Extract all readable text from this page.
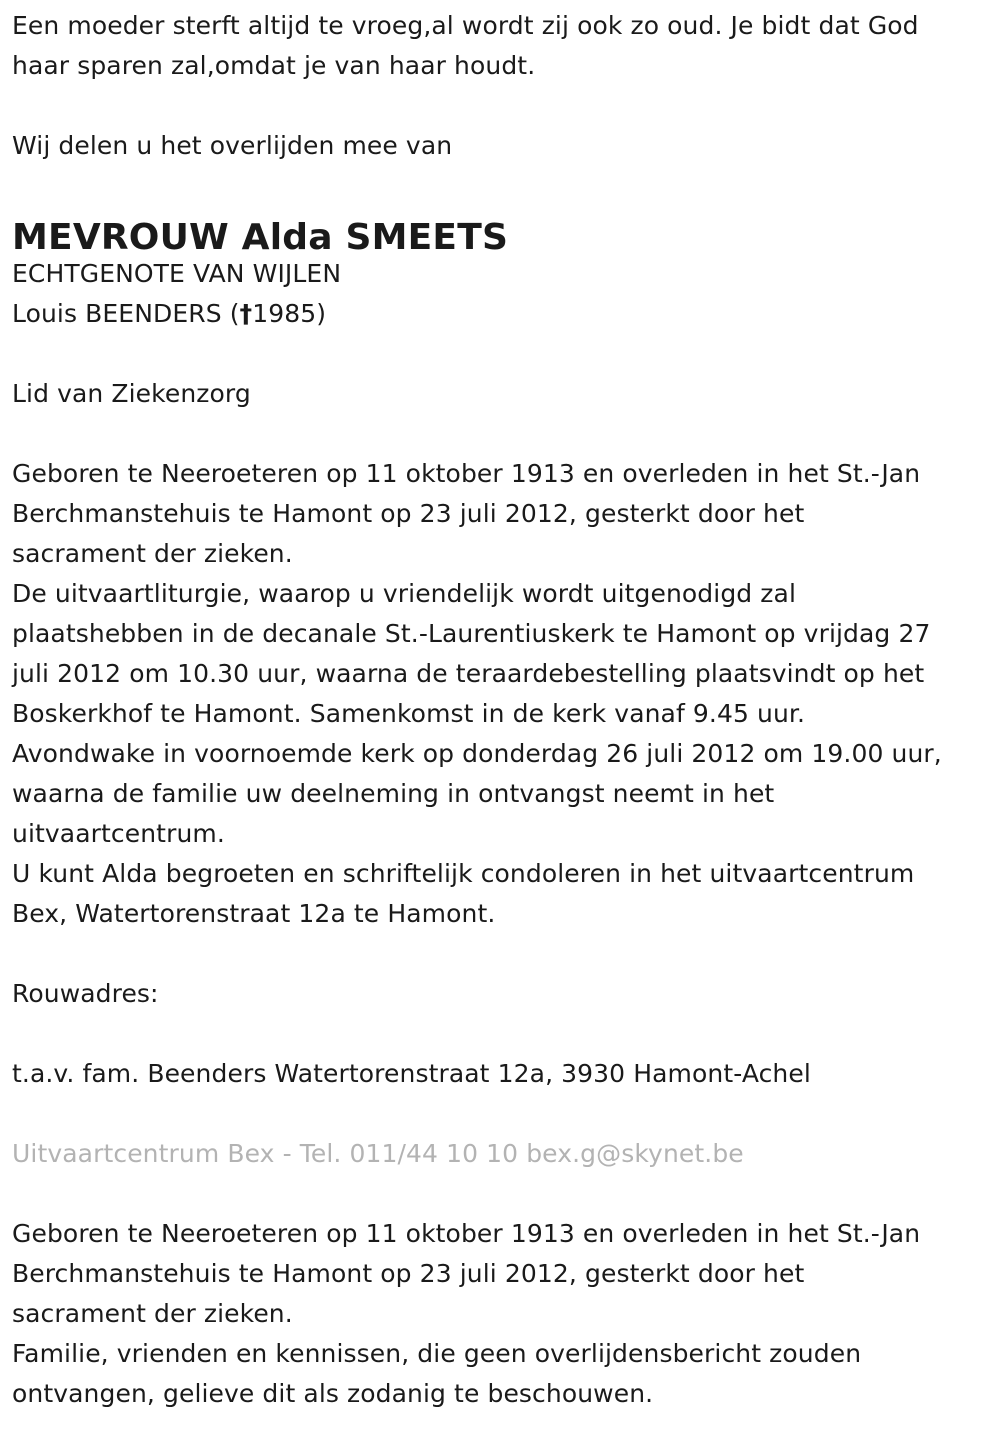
Een moeder sterft altijd te vroeg,al wordt zij ook zo oud. Je bidt dat God

haar sparen zal,omdat je van haar houdt.

Wij delen u het overlijden mee van

MEVROUW Alda SMEETS

ECHTGENOTE VAN WIJLEN

Louis BEENDERS (†1985)

Lid van Ziekenzorg

Geboren te Neeroeteren op 11 oktober 1913 en overleden in het St.-Jan

Berchmanstehuis te Hamont op 23 juli 2012, gesterkt door het

sacrament der zieken.

De uitvaartliturgie, waarop u vriendelijk wordt uitgenodigd zal

plaatshebben in de decanale St.-Laurentiuskerk te Hamont op vrijdag 27

juli 2012 om 10.30 uur, waarna de teraardebestelling plaatsvindt op het

Boskerkhof te Hamont. Samenkomst in de kerk vanaf 9.45 uur.

Avondwake in voornoemde kerk op donderdag 26 juli 2012 om 19.00 uur,

waarna de familie uw deelneming in ontvangst neemt in het

uitvaartcentrum.

U kunt Alda begroeten en schriftelijk condoleren in het uitvaartcentrum

Bex, Watertorenstraat 12a te Hamont.

Rouwadres:

t.a.v. fam. Beenders Watertorenstraat 12a, 3930 Hamont-Achel

Uitvaartcentrum Bex - Tel. 011/44 10 10 bex.g@skynet.be

Geboren te Neeroeteren op 11 oktober 1913 en overleden in het St.-Jan

Berchmanstehuis te Hamont op 23 juli 2012, gesterkt door het

sacrament der zieken.

Familie, vrienden en kennissen, die geen overlijdensbericht zouden

ontvangen, gelieve dit als zodanig te beschouwen.
